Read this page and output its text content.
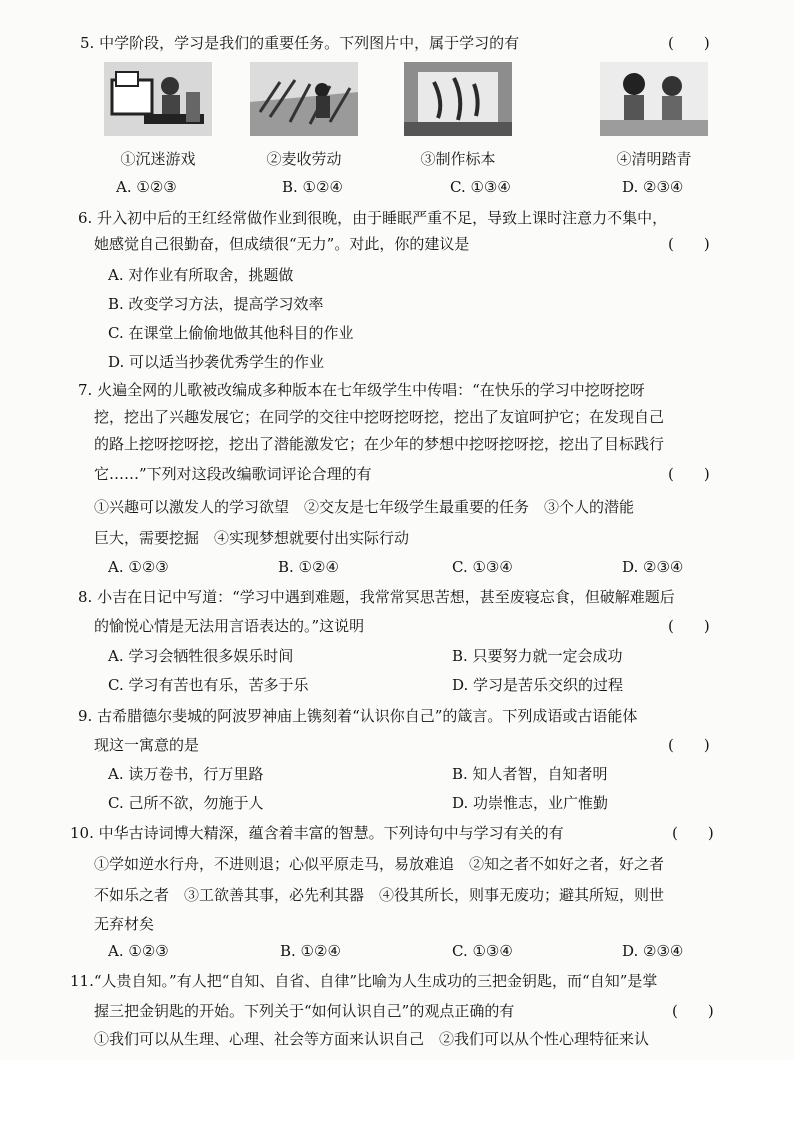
5. 中学阶段，学习是我们的重要任务。下列图片中，属于学习的有	(　　)
①沉迷游戏	②麦收劳动	③制作标本	④清明踏青
A. ①②③	B. ①②④	C. ①③④	D. ②③④
6. 升入初中后的王红经常做作业到很晚，由于睡眠严重不足，导致上课时注意力不集中，
她感觉自己很勤奋，但成绩很“无力”。对此，你的建议是	(　　)
A. 对作业有所取舍，挑题做
B. 改变学习方法，提高学习效率
C. 在课堂上偷偷地做其他科目的作业
D. 可以适当抄袭优秀学生的作业
7. 火遍全网的儿歌被改编成多种版本在七年级学生中传唱：“在快乐的学习中挖呀挖呀
挖，挖出了兴趣发展它；在同学的交往中挖呀挖呀挖，挖出了友谊呵护它；在发现自己
的路上挖呀挖呀挖，挖出了潜能激发它；在少年的梦想中挖呀挖呀挖，挖出了目标践行
它……”下列对这段改编歌词评论合理的有	(　　)
①兴趣可以激发人的学习欲望　②交友是七年级学生最重要的任务　③个人的潜能
巨大，需要挖掘　④实现梦想就要付出实际行动
A. ①②③	B. ①②④	C. ①③④	D. ②③④
8. 小吉在日记中写道：“学习中遇到难题，我常常冥思苦想，甚至废寝忘食，但破解难题后
的愉悦心情是无法用言语表达的。”这说明	(　　)
A. 学习会牺牲很多娱乐时间	B. 只要努力就一定会成功
C. 学习有苦也有乐，苦多于乐	D. 学习是苦乐交织的过程
9. 古希腊德尔斐城的阿波罗神庙上镌刻着“认识你自己”的箴言。下列成语或古语能体
现这一寓意的是	(　　)
A. 读万卷书，行万里路	B. 知人者智，自知者明
C. 己所不欲，勿施于人	D. 功崇惟志，业广惟勤
10. 中华古诗词博大精深，蕴含着丰富的智慧。下列诗句中与学习有关的有	(　　)
①学如逆水行舟，不进则退；心似平原走马，易放难追　②知之者不如好之者，好之者
不如乐之者　③工欲善其事，必先利其器　④役其所长，则事无废功；避其所短，则世
无弃材矣
A. ①②③	B. ①②④	C. ①③④	D. ②③④
11.“人贵自知。”有人把“自知、自省、自律”比喻为人生成功的三把金钥匙，而“自知”是掌
握三把金钥匙的开始。下列关于“如何认识自己”的观点正确的有	(　　)
①我们可以从生理、心理、社会等方面来认识自己　②我们可以从个性心理特征来认
